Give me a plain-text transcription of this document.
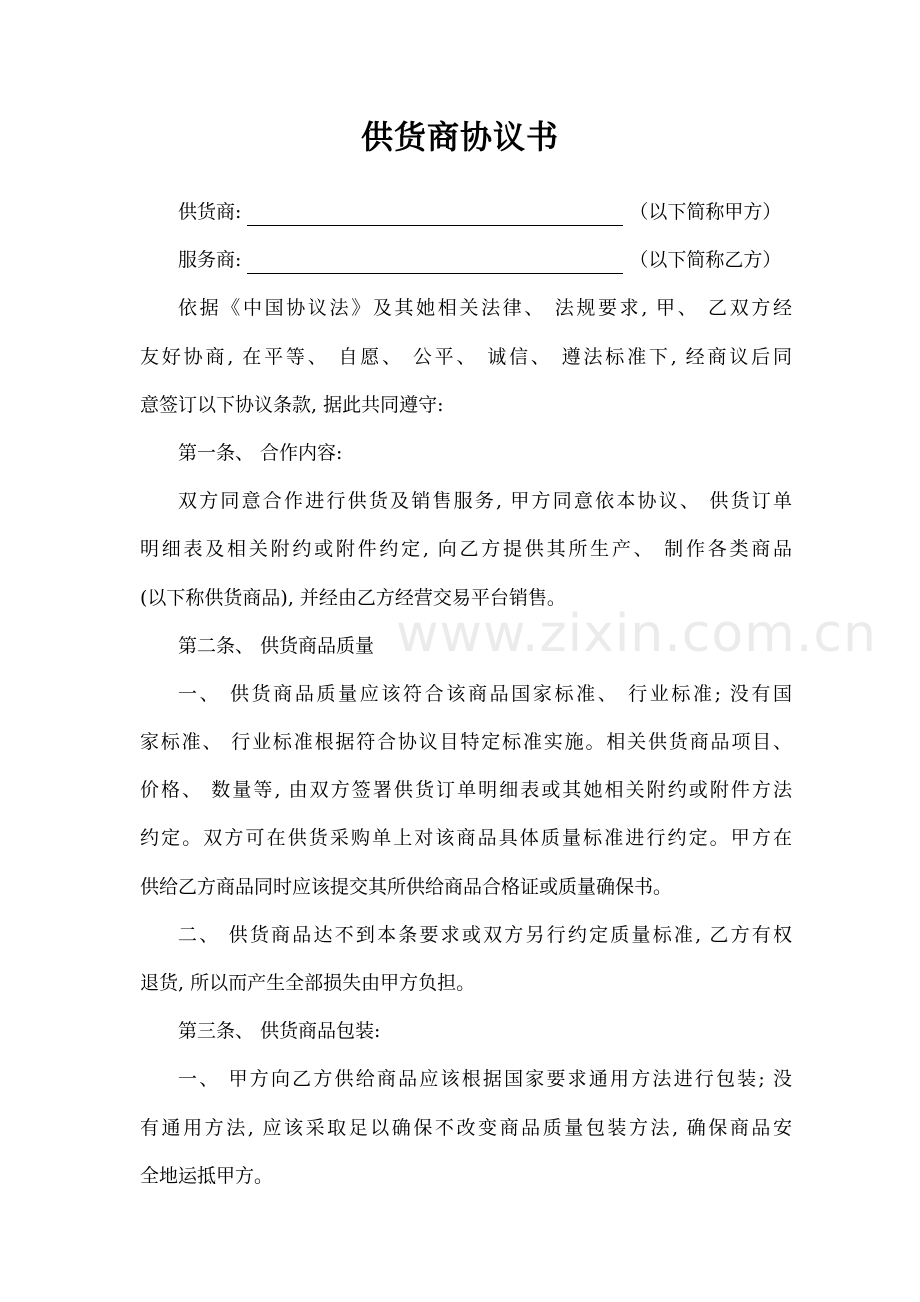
供货商协议书
供货商:	（以下简称甲方）
服务商:	（以下简称乙方）
依据《中国协议法》及其她相关法律、 法规要求, 甲、 乙双方经
友好协商, 在平等、 自愿、 公平、 诚信、 遵法标准下, 经商议后同
意签订以下协议条款, 据此共同遵守:
第一条、 合作内容:
双方同意合作进行供货及销售服务, 甲方同意依本协议、 供货订单
明细表及相关附约或附件约定, 向乙方提供其所生产、 制作各类商品
(以下称供货商品), 并经由乙方经营交易平台销售。
第二条、 供货商品质量
一、 供货商品质量应该符合该商品国家标准、 行业标准; 没有国
家标准、 行业标准根据符合协议目特定标准实施。相关供货商品项目、
价格、 数量等, 由双方签署供货订单明细表或其她相关附约或附件方法
约定。双方可在供货采购单上对该商品具体质量标准进行约定。甲方在
供给乙方商品同时应该提交其所供给商品合格证或质量确保书。
二、 供货商品达不到本条要求或双方另行约定质量标准, 乙方有权
退货, 所以而产生全部损失由甲方负担。
第三条、 供货商品包装:
一、 甲方向乙方供给商品应该根据国家要求通用方法进行包装; 没
有通用方法, 应该采取足以确保不改变商品质量包装方法, 确保商品安
全地运抵甲方。
www.zixin.com.cn
